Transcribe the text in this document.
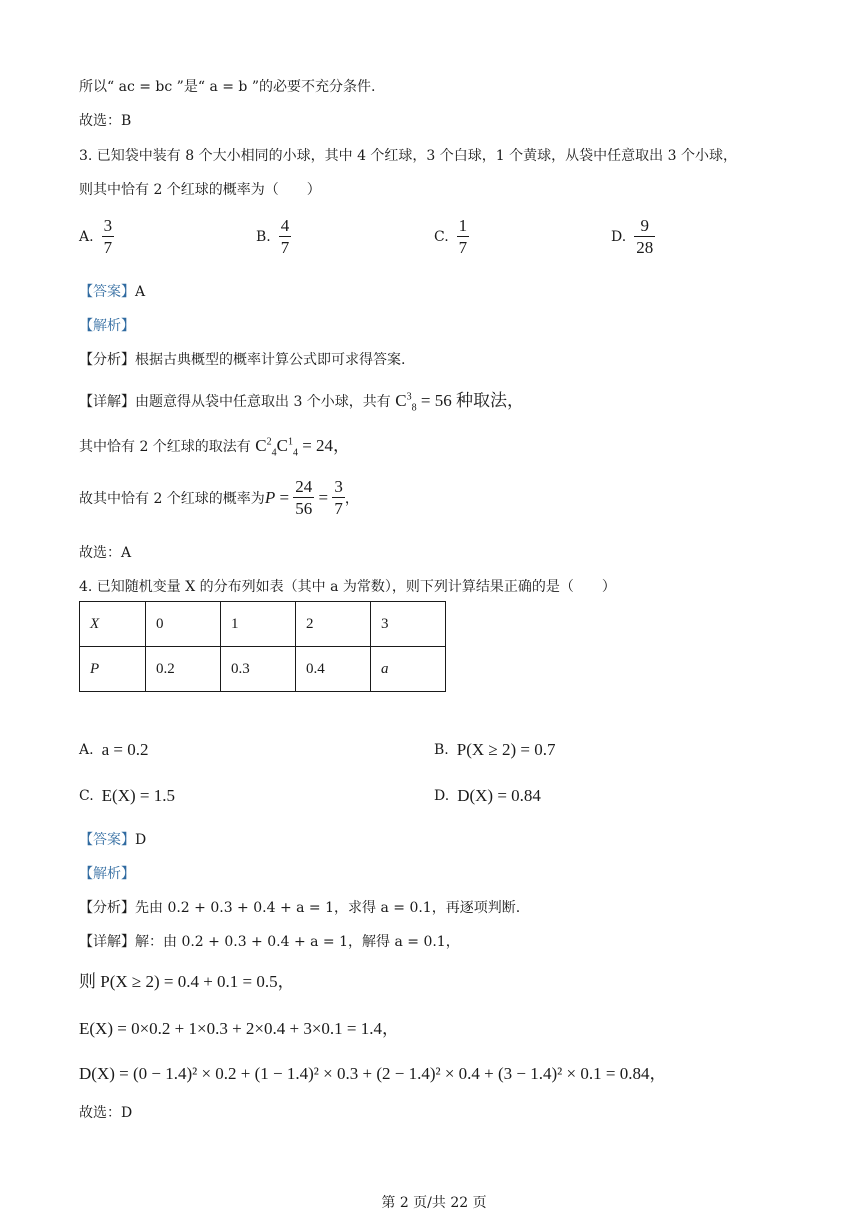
所以“ ac = bc ”是“ a = b ”的必要不充分条件.
故选：B
3. 已知袋中装有 8 个大小相同的小球，其中 4 个红球，3 个白球，1 个黄球，从袋中任意取出 3 个小球，
则其中恰有 2 个红球的概率为（　　）
A. $\frac{3}{7}$	B. $\frac{4}{7}$	C. $\frac{1}{7}$	D. $\frac{9}{28}$
【答案】A
【解析】
【分析】根据古典概型的概率计算公式即可求得答案.
【详解】由题意得从袋中任意取出 3 个小球，共有 $C^3_8 = 56$ 种取法，
其中恰有 2 个红球的取法有 $C^2_4C^1_4 = 24$，
故其中恰有 2 个红球的概率为 $P = \frac{24}{56} = \frac{3}{7}$ ，
故选：A
4. 已知随机变量 X 的分布列如表（其中 a 为常数），则下列计算结果正确的是（　　）
X	0	1	2	3
P	0.2	0.3	0.4	a
A. a = 0.2	B. P(X ≥ 2) = 0.7
C. E(X) = 1.5	D. D(X) = 0.84
【答案】D
【解析】
【分析】先由 0.2 + 0.3 + 0.4 + a = 1，求得 a = 0.1，再逐项判断.
【详解】解：由 0.2 + 0.3 + 0.4 + a = 1，解得 a = 0.1，
则 P(X ≥ 2) = 0.4 + 0.1 = 0.5，
E(X) = 0×0.2 + 1×0.3 + 2×0.4 + 3×0.1 = 1.4，
D(X) = (0 − 1.4)² × 0.2 + (1 − 1.4)² × 0.3 + (2 − 1.4)² × 0.4 + (3 − 1.4)² × 0.1 = 0.84，
故选：D
第 2 页/共 22 页
